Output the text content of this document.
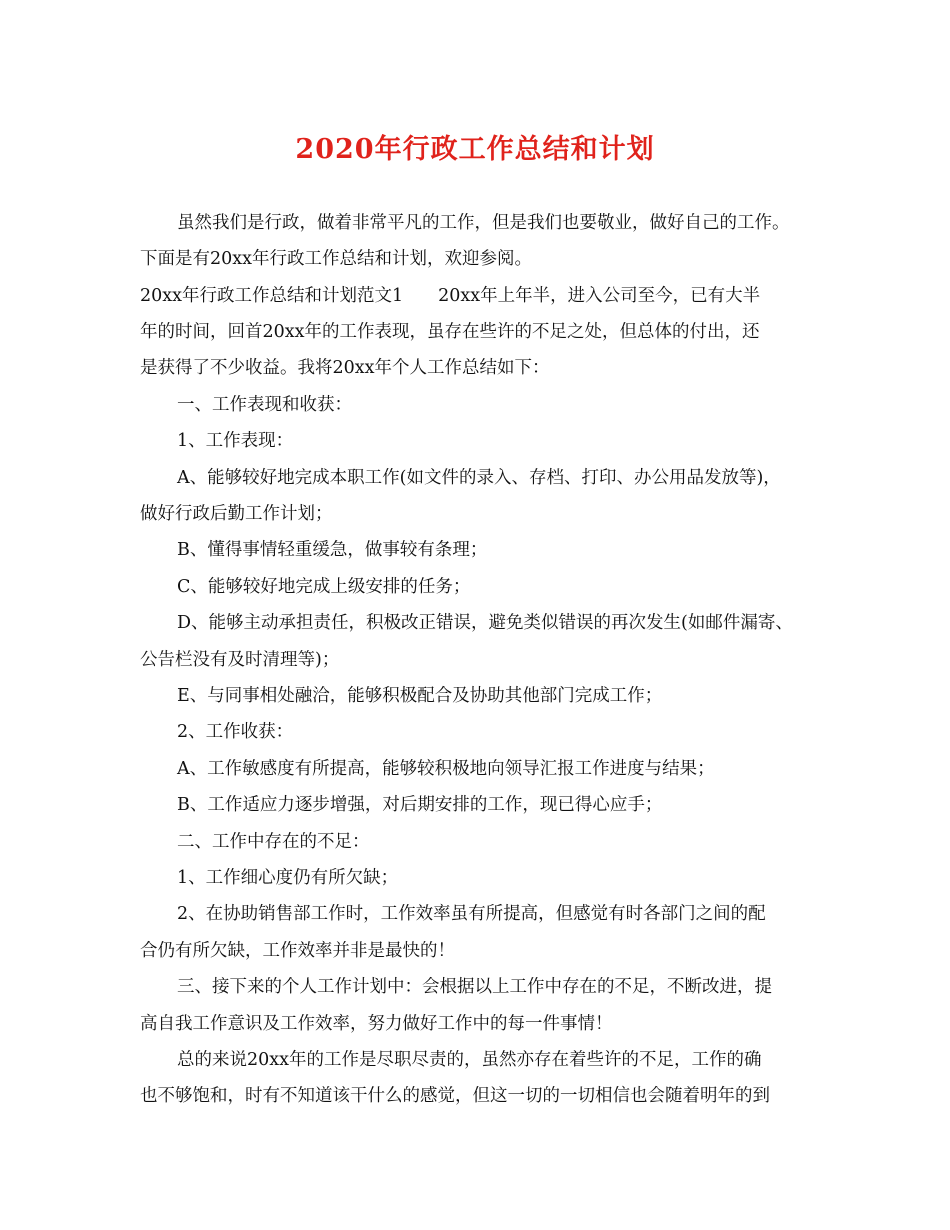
2020年行政工作总结和计划
虽然我们是行政，做着非常平凡的工作，但是我们也要敬业，做好自己的工作。
下面是有20xx年行政工作总结和计划，欢迎参阅。
20xx年行政工作总结和计划范文1　　20xx年上年半，进入公司至今，已有大半
年的时间，回首20xx年的工作表现，虽存在些许的不足之处，但总体的付出，还
是获得了不少收益。我将20xx年个人工作总结如下：
一、工作表现和收获：
1、工作表现：
A、能够较好地完成本职工作(如文件的录入、存档、打印、办公用品发放等)，
做好行政后勤工作计划；
B、懂得事情轻重缓急，做事较有条理；
C、能够较好地完成上级安排的任务；
D、能够主动承担责任，积极改正错误，避免类似错误的再次发生(如邮件漏寄、
公告栏没有及时清理等)；
E、与同事相处融洽，能够积极配合及协助其他部门完成工作；
2、工作收获：
A、工作敏感度有所提高，能够较积极地向领导汇报工作进度与结果；
B、工作适应力逐步增强，对后期安排的工作，现已得心应手；
二、工作中存在的不足：
1、工作细心度仍有所欠缺；
2、在协助销售部工作时，工作效率虽有所提高，但感觉有时各部门之间的配
合仍有所欠缺，工作效率并非是最快的！
三、接下来的个人工作计划中：会根据以上工作中存在的不足，不断改进，提
高自我工作意识及工作效率，努力做好工作中的每一件事情！
总的来说20xx年的工作是尽职尽责的，虽然亦存在着些许的不足，工作的确
也不够饱和，时有不知道该干什么的感觉，但这一切的一切相信也会随着明年的到
